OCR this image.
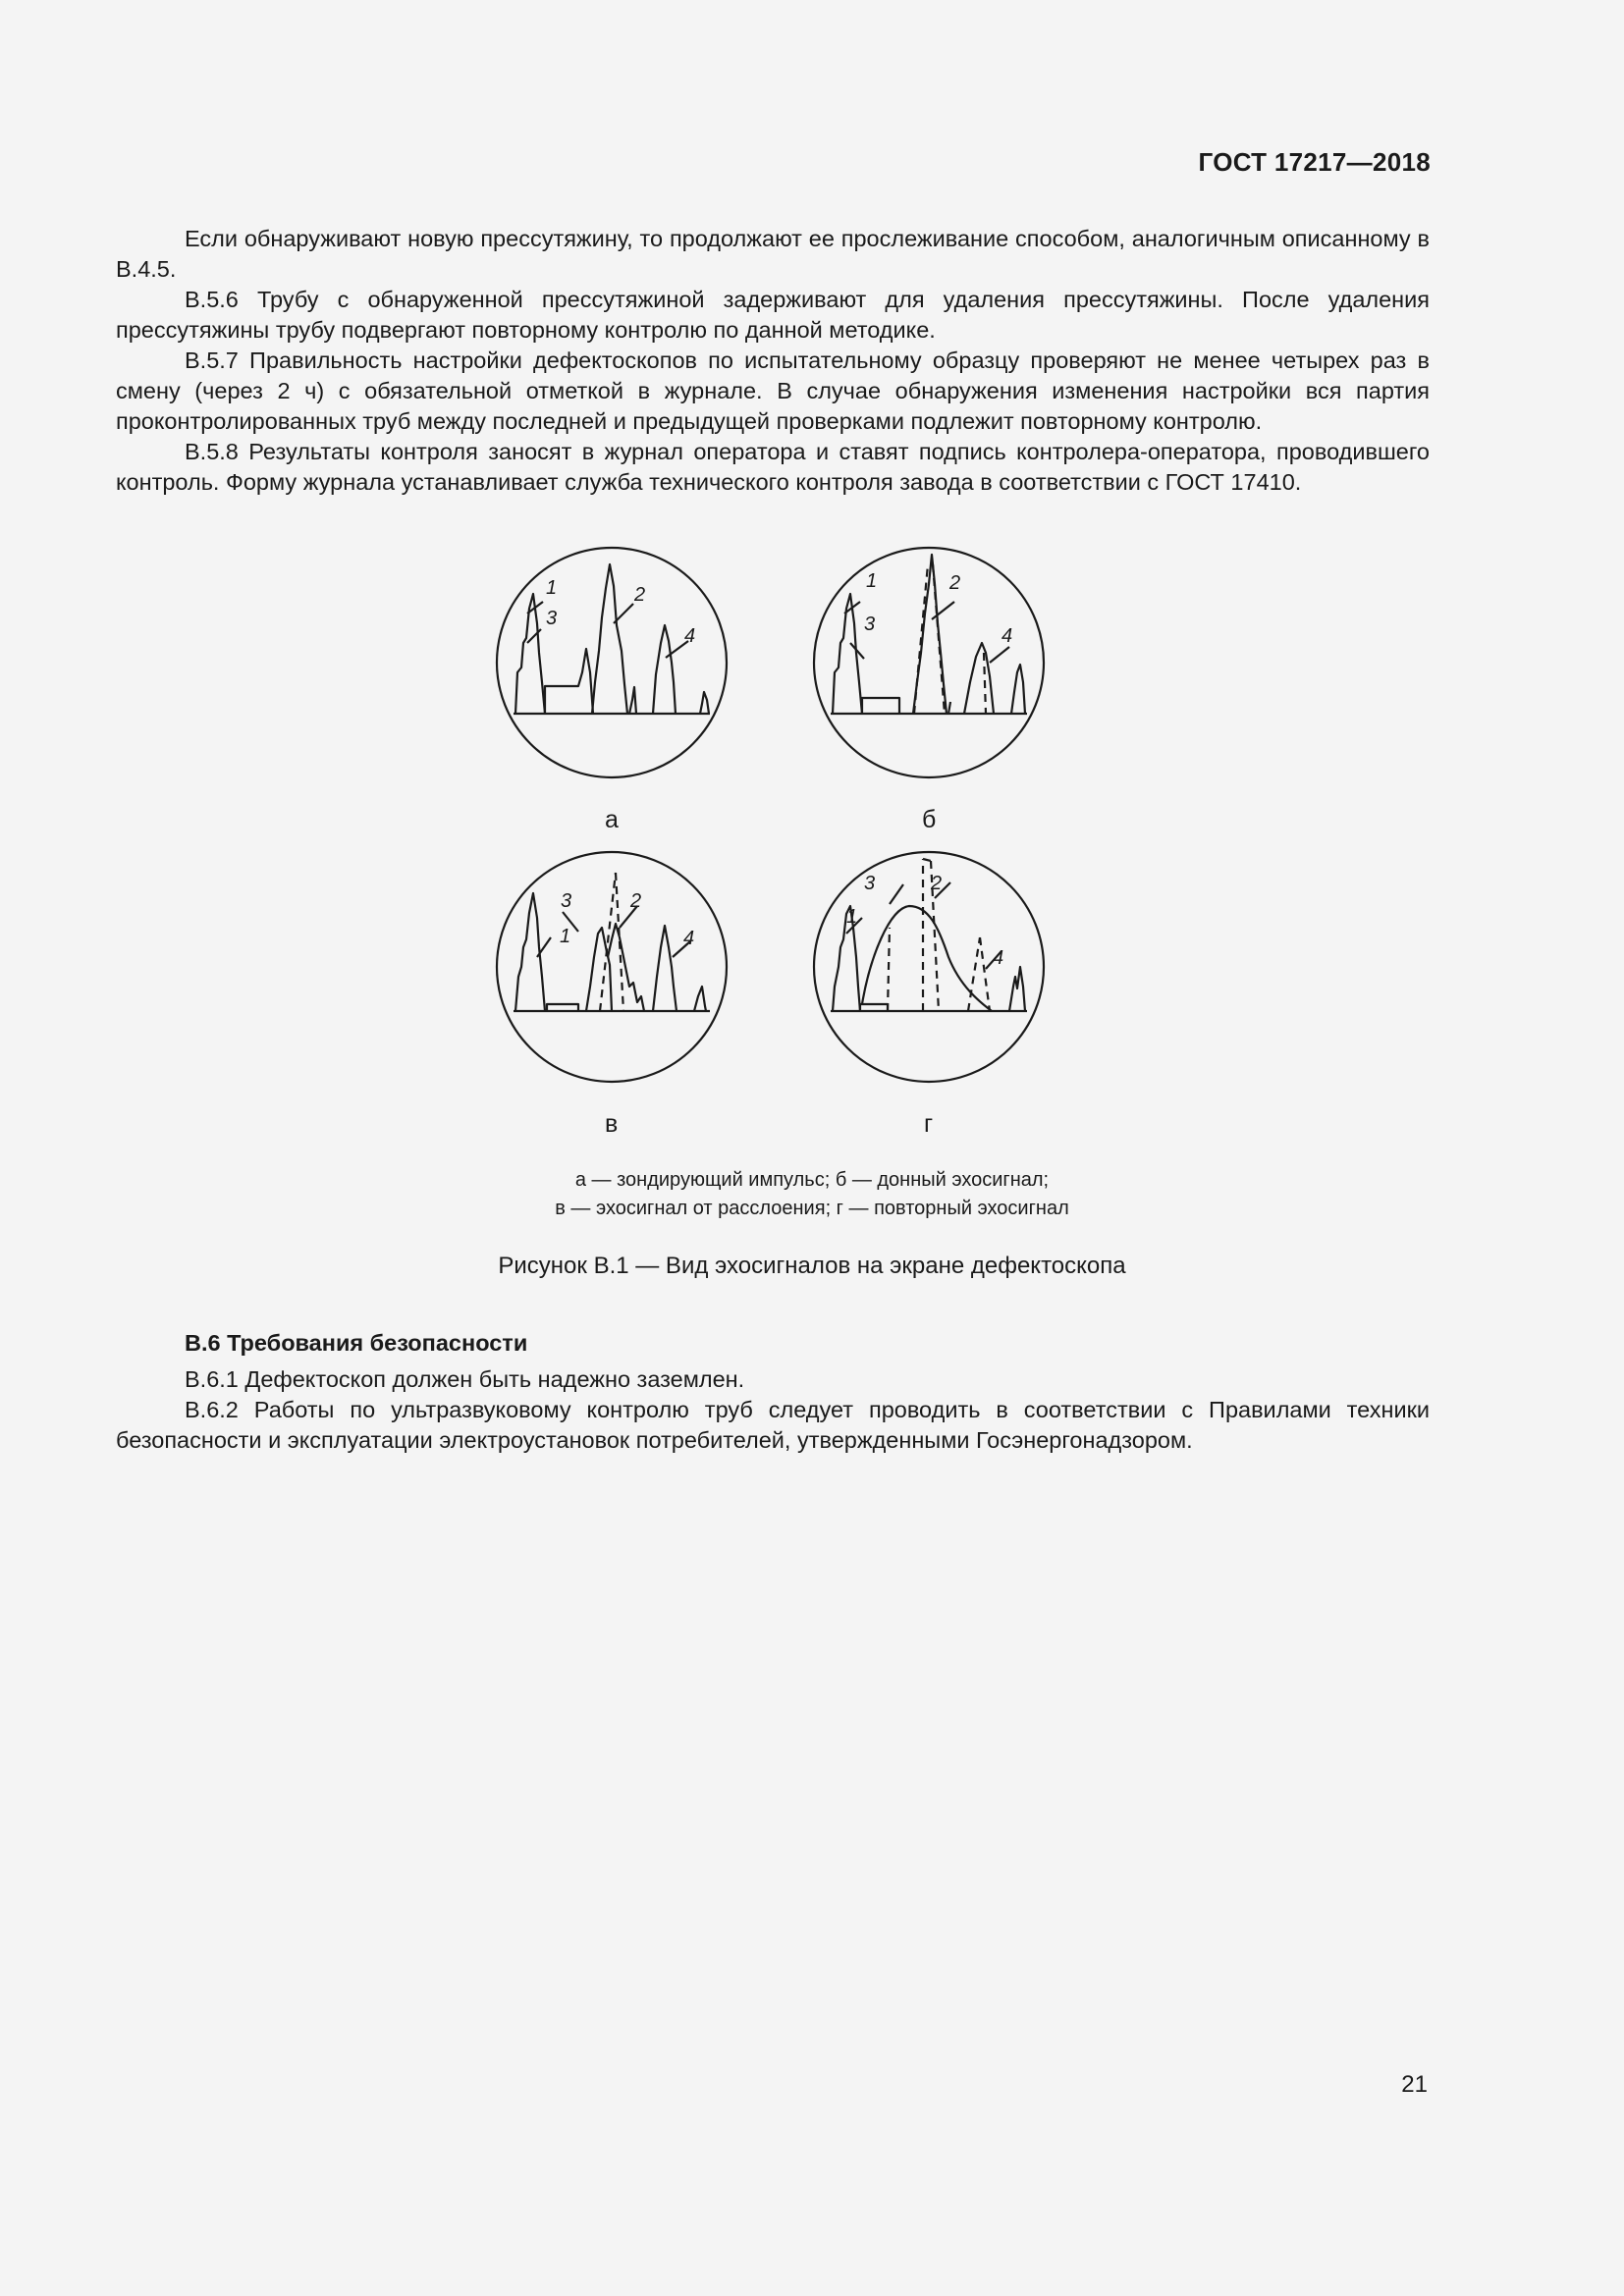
ГОСТ 17217—2018

Если обнаруживают новую прессутяжину, то продолжают ее прослеживание способом, аналогичным описанному в В.4.5.

В.5.6 Трубу с обнаруженной прессутяжиной задерживают для удаления прессутяжины. После удаления прессутяжины трубу подвергают повторному контролю по данной методике.

В.5.7 Правильность настройки дефектоскопов по испытательному образцу проверяют не менее четырех раз в смену (через 2 ч) с обязательной отметкой в журнале. В случае обнаружения изменения настройки вся партия проконтролированных труб между последней и предыдущей проверками подлежит повторному контролю.

В.5.8 Результаты контроля заносят в журнал оператора и ставят подпись контролера-оператора, проводившего контроль. Форму журнала устанавливает служба технического контроля завода в соответствии с ГОСТ 17410.

1	2
3
4
1	2
3
4
1
2
3
4
1
2
3
4
а	б
в	г
а — зондирующий импульс; б — донный эхосигнал;
в — эхосигнал от расслоения; г — повторный эхосигнал
Рисунок В.1 — Вид эхосигналов на экране дефектоскопа
В.6 Требования безопасности

В.6.1 Дефектоскоп должен быть надежно заземлен.

В.6.2 Работы по ультразвуковому контролю труб следует проводить в соответствии с Правилами техники безопасности и эксплуатации электроустановок потребителей, утвержденными Госэнергонадзором.

21
